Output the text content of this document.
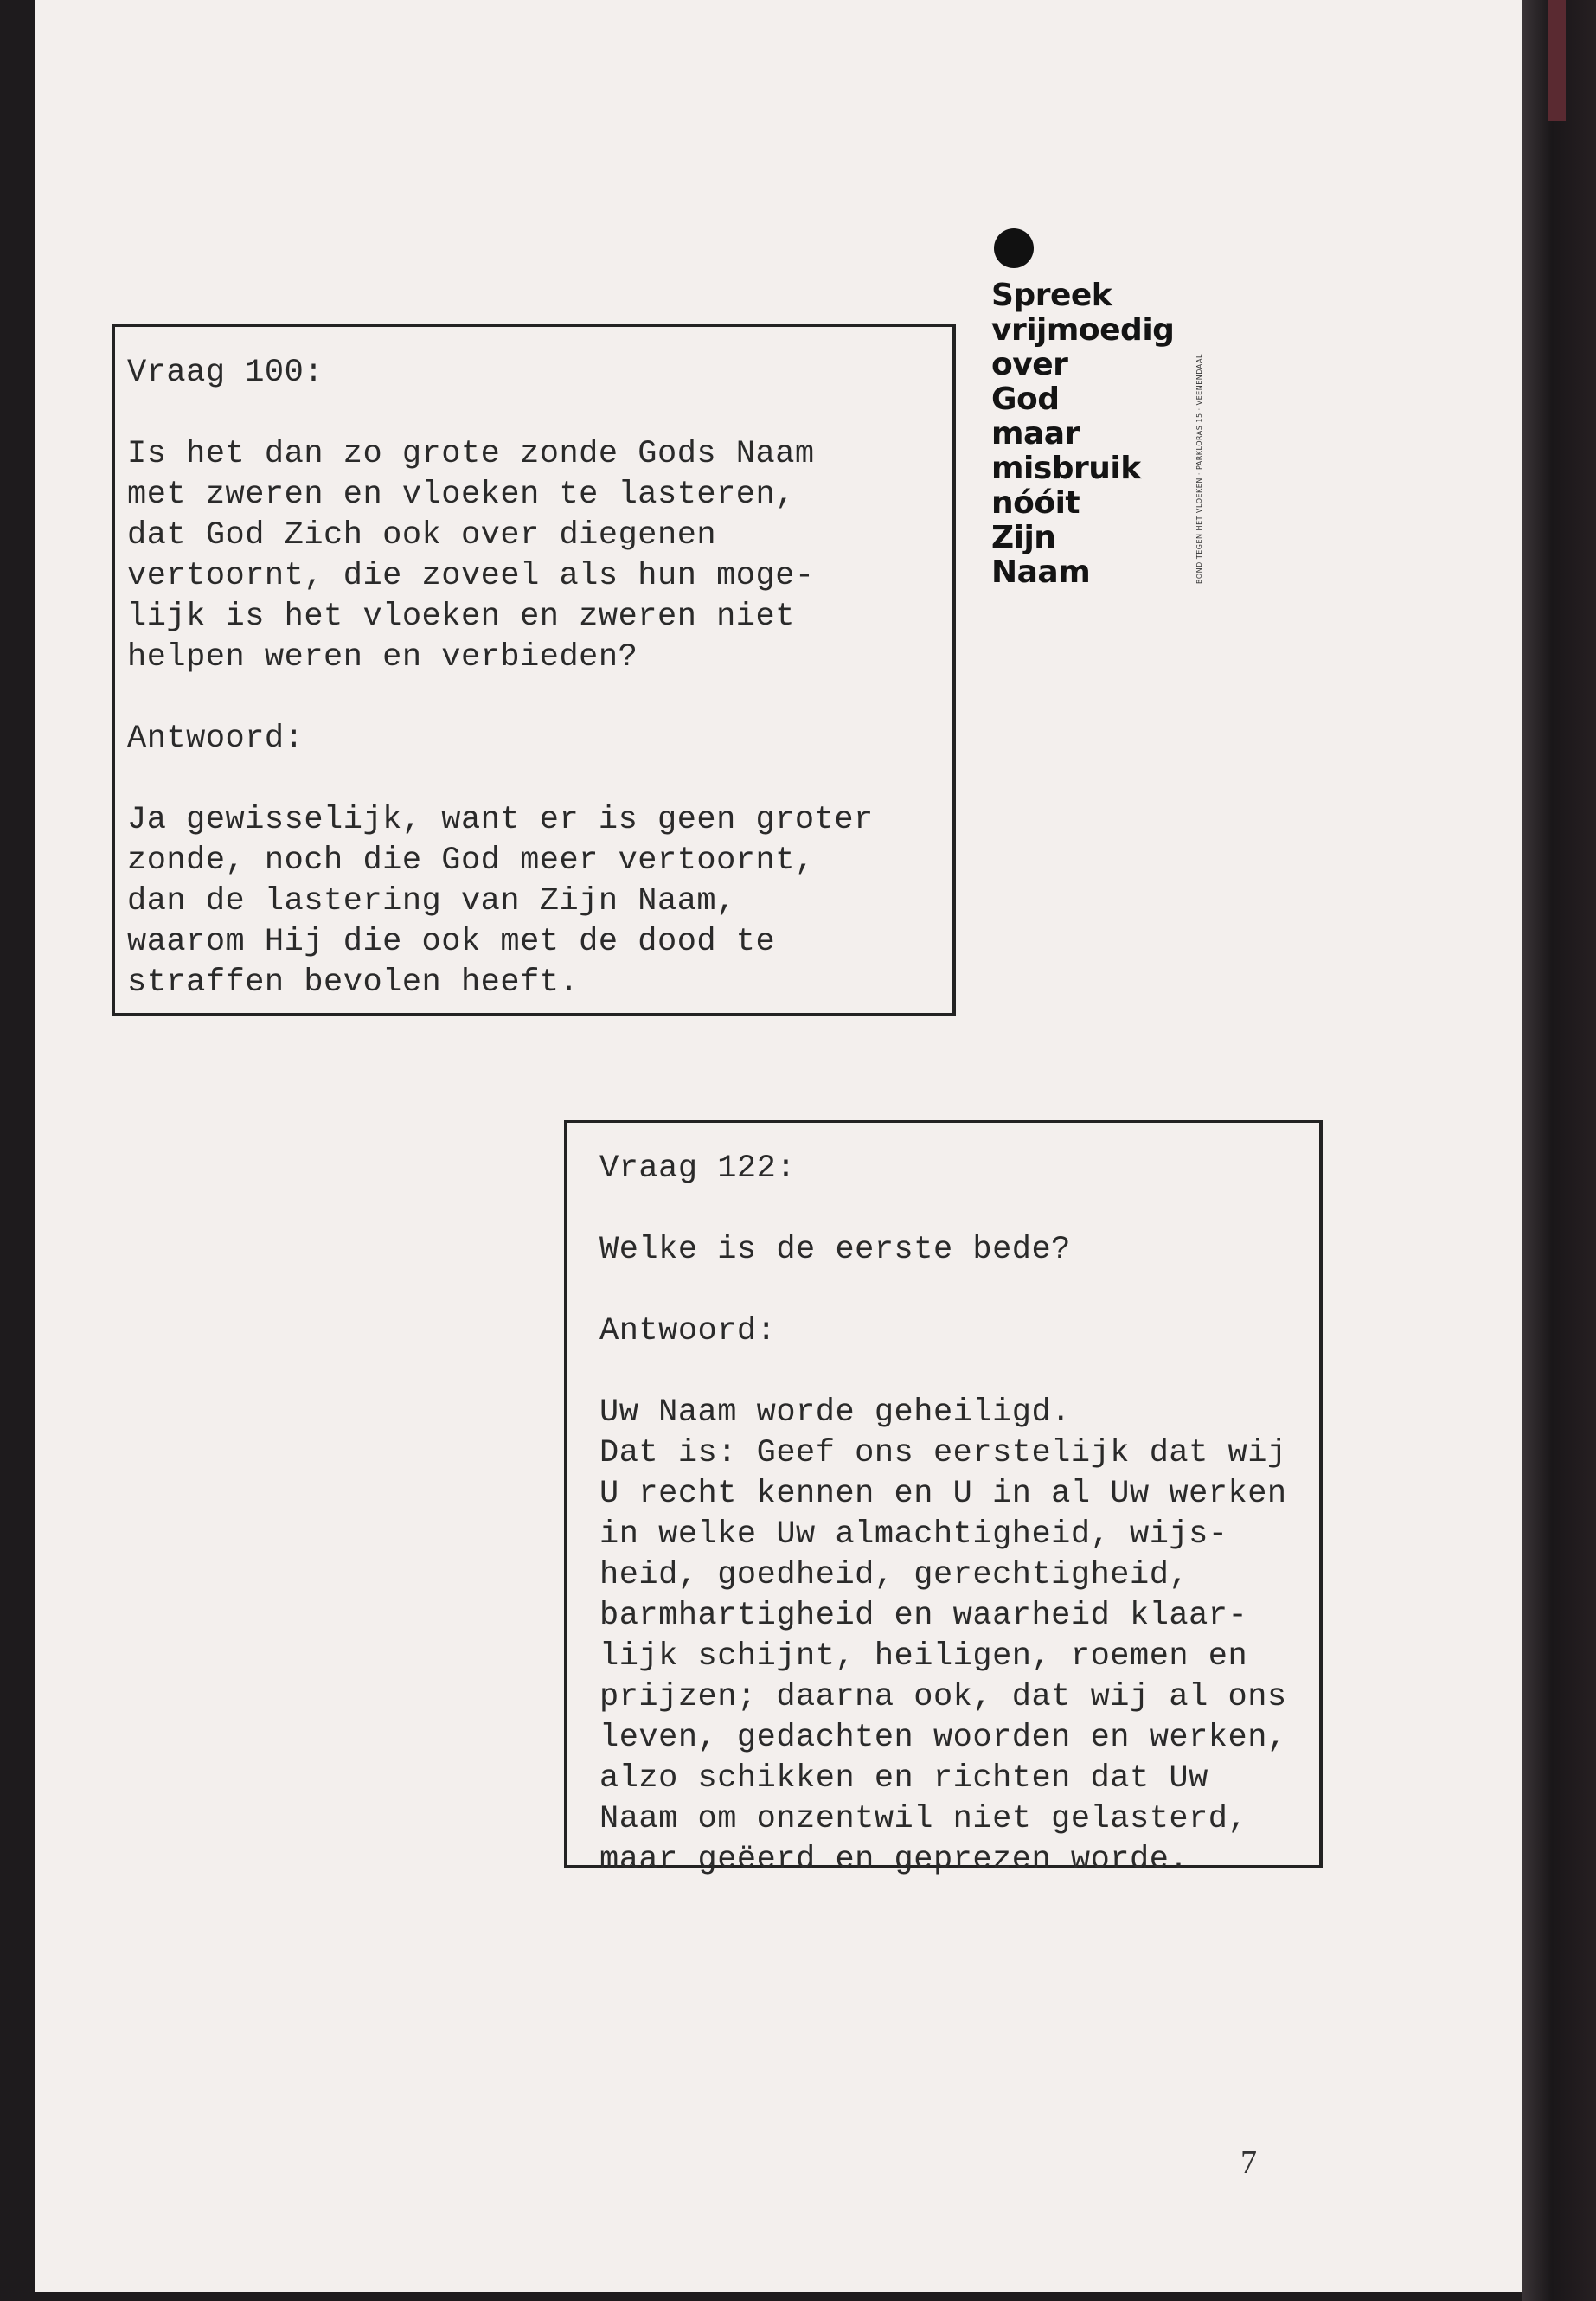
Vraag 100:

Is het dan zo grote zonde Gods Naam

met zweren en vloeken te lasteren,

dat God Zich ook over diegenen

vertoornt, die zoveel als hun moge-

lijk is het vloeken en zweren niet

helpen weren en verbieden?

Antwoord:

Ja gewisselijk, want er is geen groter

zonde, noch die God meer vertoornt,

dan de lastering van Zijn Naam,

waarom Hij die ook met de dood te

straffen bevolen heeft.

Vraag 122:

Welke is de eerste bede?

Antwoord:

Uw Naam worde geheiligd.

Dat is: Geef ons eerstelijk dat wij

U recht kennen en U in al Uw werken

in welke Uw almachtigheid, wijs-

heid, goedheid, gerechtigheid,

barmhartigheid en waarheid klaar-

lijk schijnt, heiligen, roemen en

prijzen; daarna ook, dat wij al ons

leven, gedachten woorden en werken,

alzo schikken en richten dat Uw

Naam om onzentwil niet gelasterd,

maar geëerd en geprezen worde.

Spreek
vrijmoedig
over
God
maar
misbruik
nóóit
Zijn
Naam	BOND TEGEN HET VLOEKEN · PARKLORAS 15 · VEENENDAAL
7
